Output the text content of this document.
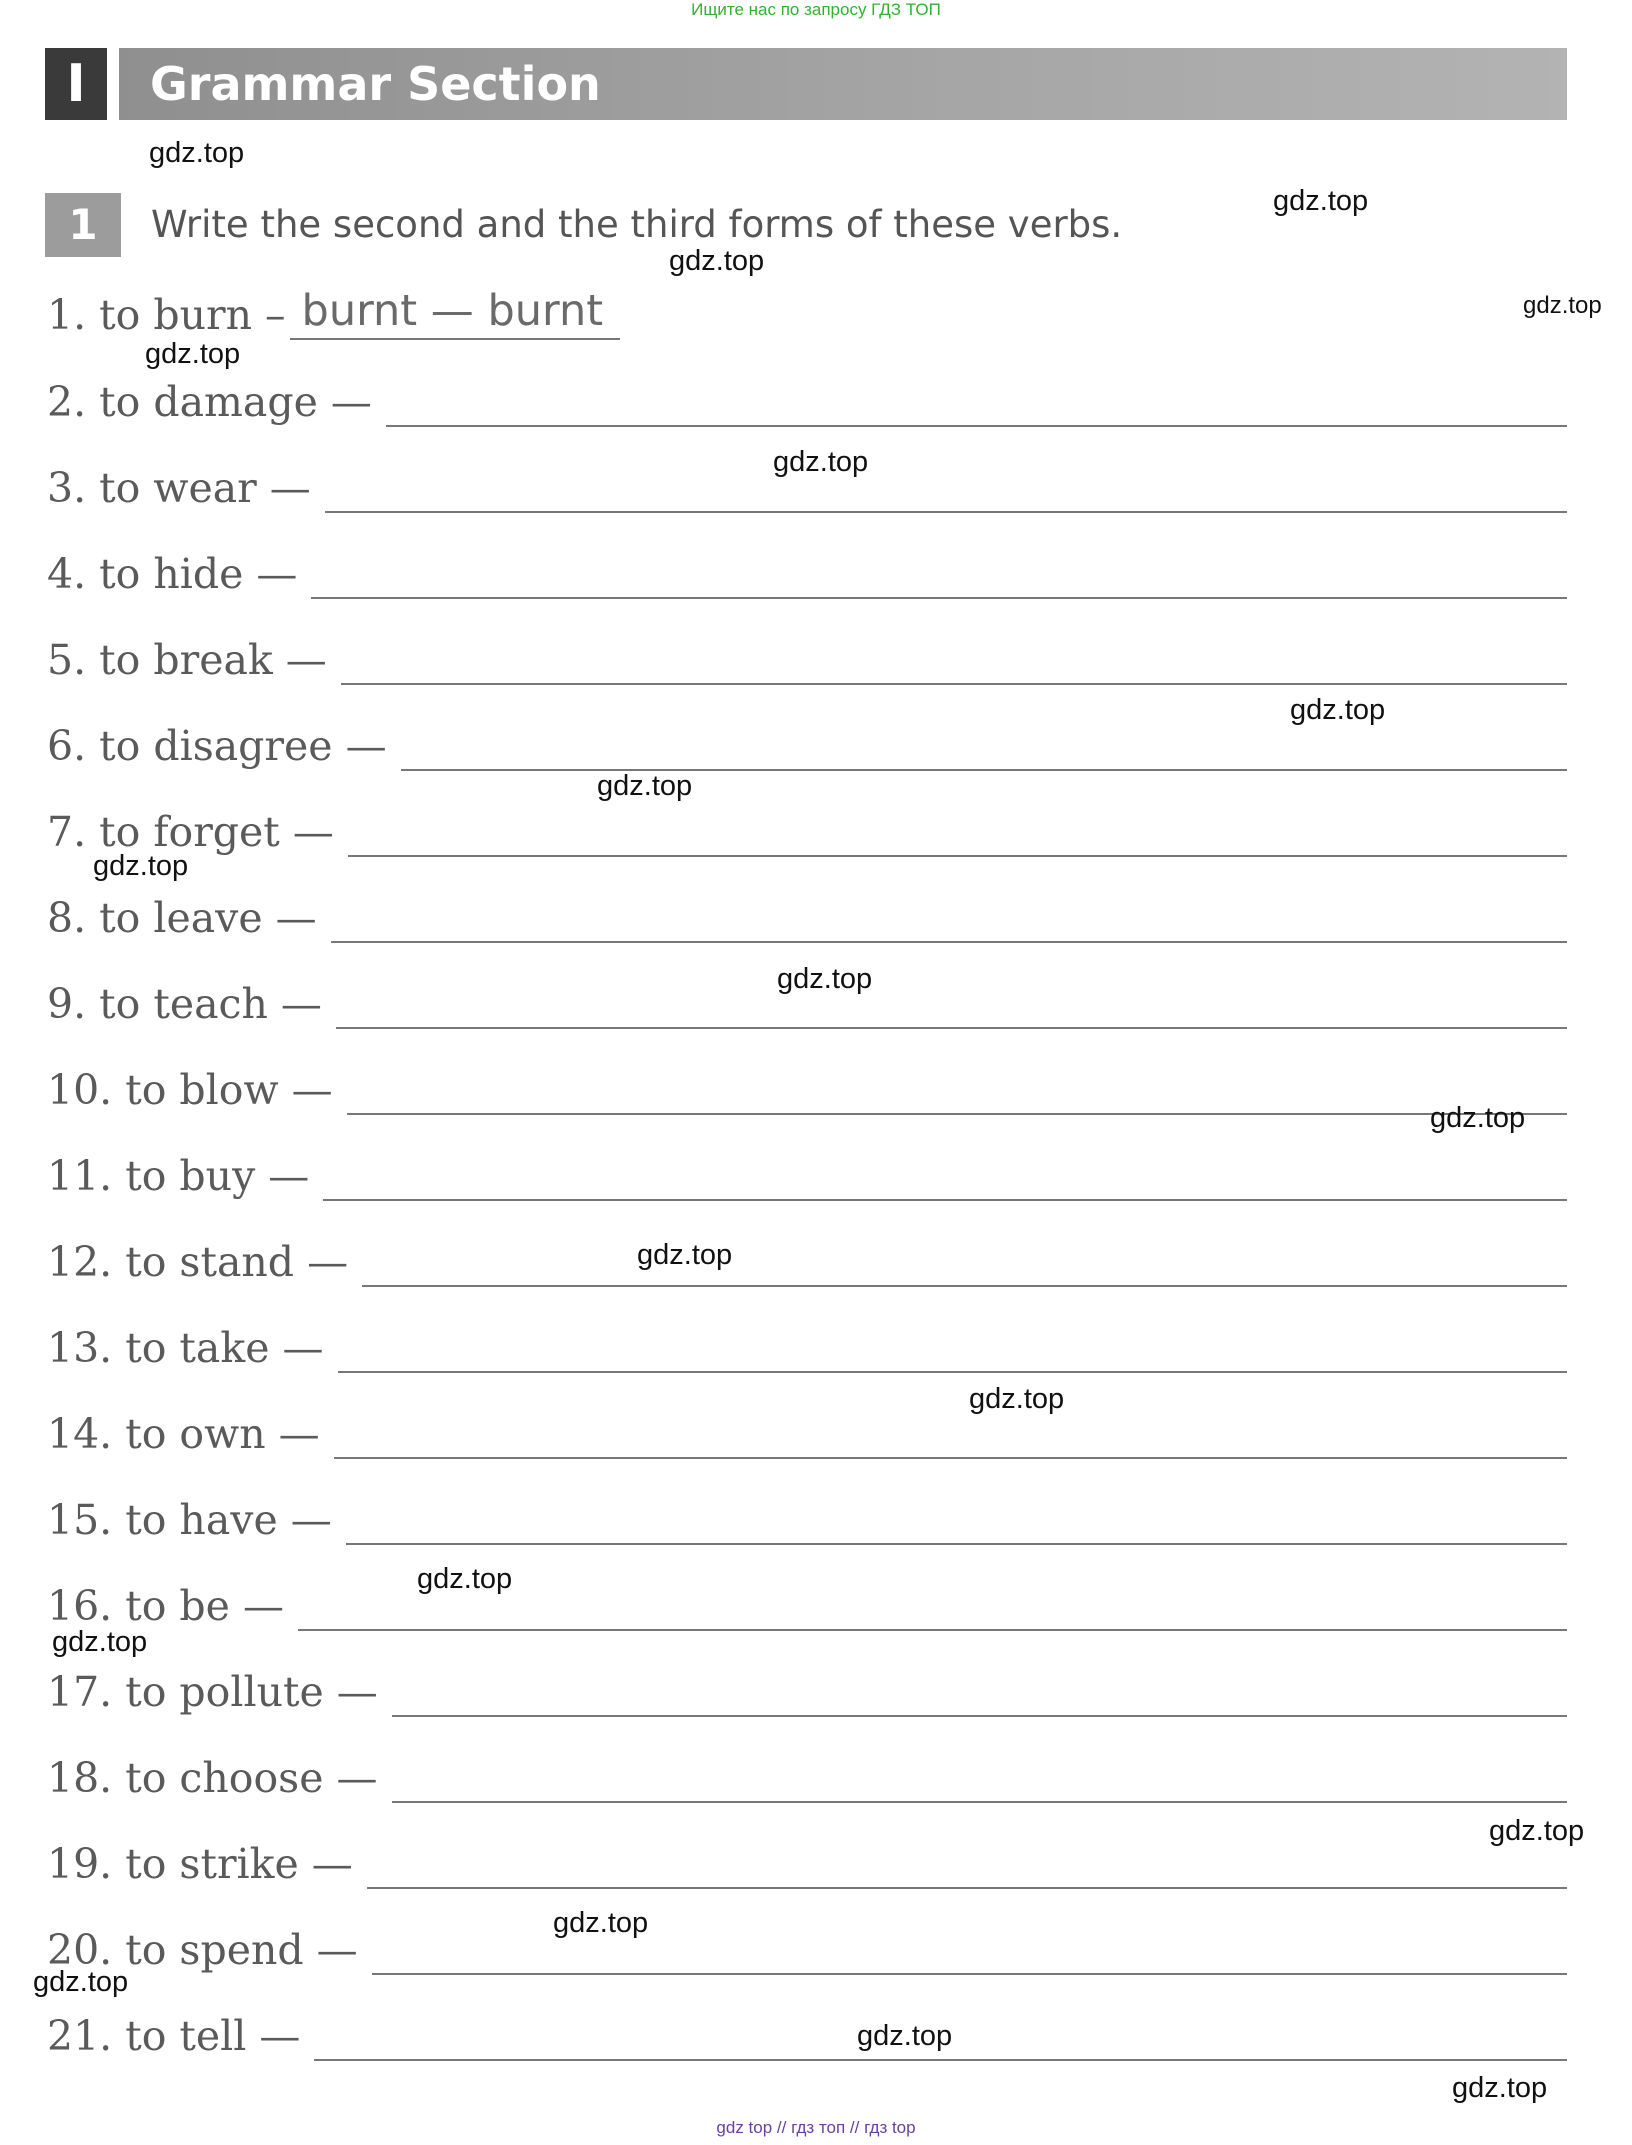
Ищите нас по запросу ГДЗ ТОП
I	Grammar Section
1	Write the second and the third forms of these verbs.
1. to burn – burnt — burnt
2. to damage —
3. to wear —
4. to hide —
5. to break —
6. to disagree —
7. to forget —
8. to leave —
9. to teach —
10. to blow —
11. to buy —
12. to stand —
13. to take —
14. to own —
15. to have —
16. to be —
17. to pollute —
18. to choose —
19. to strike —
20. to spend —
21. to tell —
gdz.top
gdz.top
gdz.top
gdz.top
gdz.top
gdz.top
gdz.top
gdz.top
gdz.top
gdz.top
gdz.top
gdz.top
gdz.top
gdz.top
gdz.top
gdz.top
gdz.top
gdz.top
gdz.top
gdz.top
gdz top // гдз топ // гдз top
